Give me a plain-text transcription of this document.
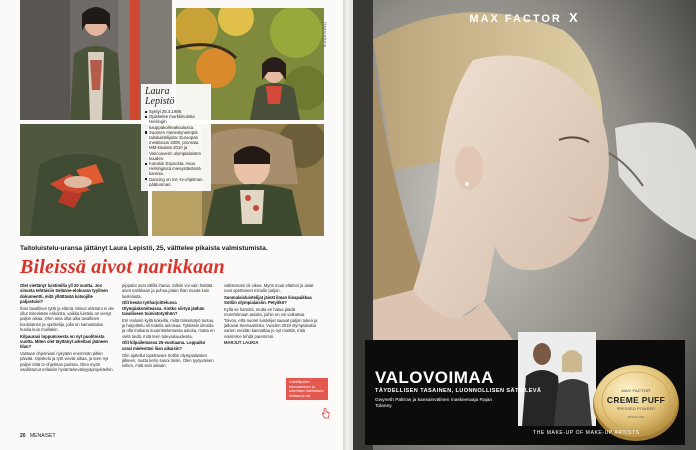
Haastattelu
Laura
Lepistö
Syntyi 25.4.1988.
Opiskelee markkinointia Helsingin kauppakorkeakoulussa.
Suomen menestyneimpiä taitoluistelijoita: Euroopan mestaruus 2009, pronssia MM-kisoista 2010 ja Vancouverin olympialaisten kuudes.
Kotoisin Espoosta. Asuu Helsingissä miesystävänsä kanssa.
Dancing on Ice -tv-ohjelman päätuomari.
Taitoluistelu-uransa jättänyt Laura Lepistö, 25, välttelee pikaista valmistumista.
Bileissä aivot narikkaan

Olet viettänyt luistimilla yli 20 vuotta. Jos sinusta tehtäisiin Selänne-elokuvan tyylinen dokumentti, mitä yllättävää katsojille paljastuisi?

Ihan tavallinen tyttö ja elämä. Minun elämäni ei ole ollut mitenkään erikoista, vaikka luistelu on vienyt paljon aikaa. Olen aina ollut aika tavallinen koululainen ja opiskelija, jolla on samanlaisia huolia kuin muillakin.

Kilpaurasi loppumisesta on nyt puolitoista vuotta. Miten olet täyttänyt arkeltasi jääneen tilan?

Vastaan ohjelmiani nykyään enemmän pitkin päivää. Opiskelu ja työt vievät aikaa, ja teen nyt paljon töitä tv-ohjelman parissa. Olen myös osallistunut erilaisiin hyväntekeväisyysprojekteihin.

pippalot ovat välillä ihania. Silloin voi vain heittää aivot narikkaan ja puhua jotain ihan muuta kuin luistelusta.

Olit kesän työharjoittelussa Olympiakomiteassa. Aiotko siirtyä jäähän tavalliseen toimistotyöhön?

En! Halusin kyllä kokeilla, miltä toimistotyö tuntuu, ja harjoittelu oli todella antoisaa. Tykkäsin ideoida ja olla mukana suunnittelemassa asioita, mutta en vielä tiedä, mitä teen tulevaisuudessa.

Olit kilpailemassa 25-vuotiaana. Loppuiko urasi mielestäsi liian aikaisin?

Olin ajatellut lopettavani Sotšin olympialaisten jälkeen, mutta keho sanoi toisin. Olen tyytyväinen siihen, mitä sain aikaan.

valitsemani oli oikea. Myös muut eläimet ja asiat ovat opettaneet minulle paljon.

Suomalaisluistelijat jäivät ilman kisapaikkaa Sotšin olympialaisiin. Petyitkö?

Kyllä se harmitti, mutta en halua jäädä murehtimaan asioita, joihin en voi vaikuttaa. Toivon, että nuoret luistelijat saavat paljon tukea ja jatkavat treenaamista. Vuoden 2018 olympialaisia varten meidän kannattaa jo nyt miettiä, mitä voisimme tehdä paremmin.

MARJUT LAUKIA

Luistelijoiden treenaamisen ja tukemisen kannattaisi aloittaa jo nyt.
20 MENAISET
MAX FACTOR X
VALOVOIMAA
TÄYDELLISEN TASAINEN, LUONNOLLISEN SÄTEILEVÄ
Gwyneth Paltrow ja kansainvälinen maskeeraaja Rajan Tolaney.
MAX FACTOR
CREME PUFF
PRESSED POWDER
SINCE 1953
THE MAKE-UP OF MAKE-UP ARTISTS
